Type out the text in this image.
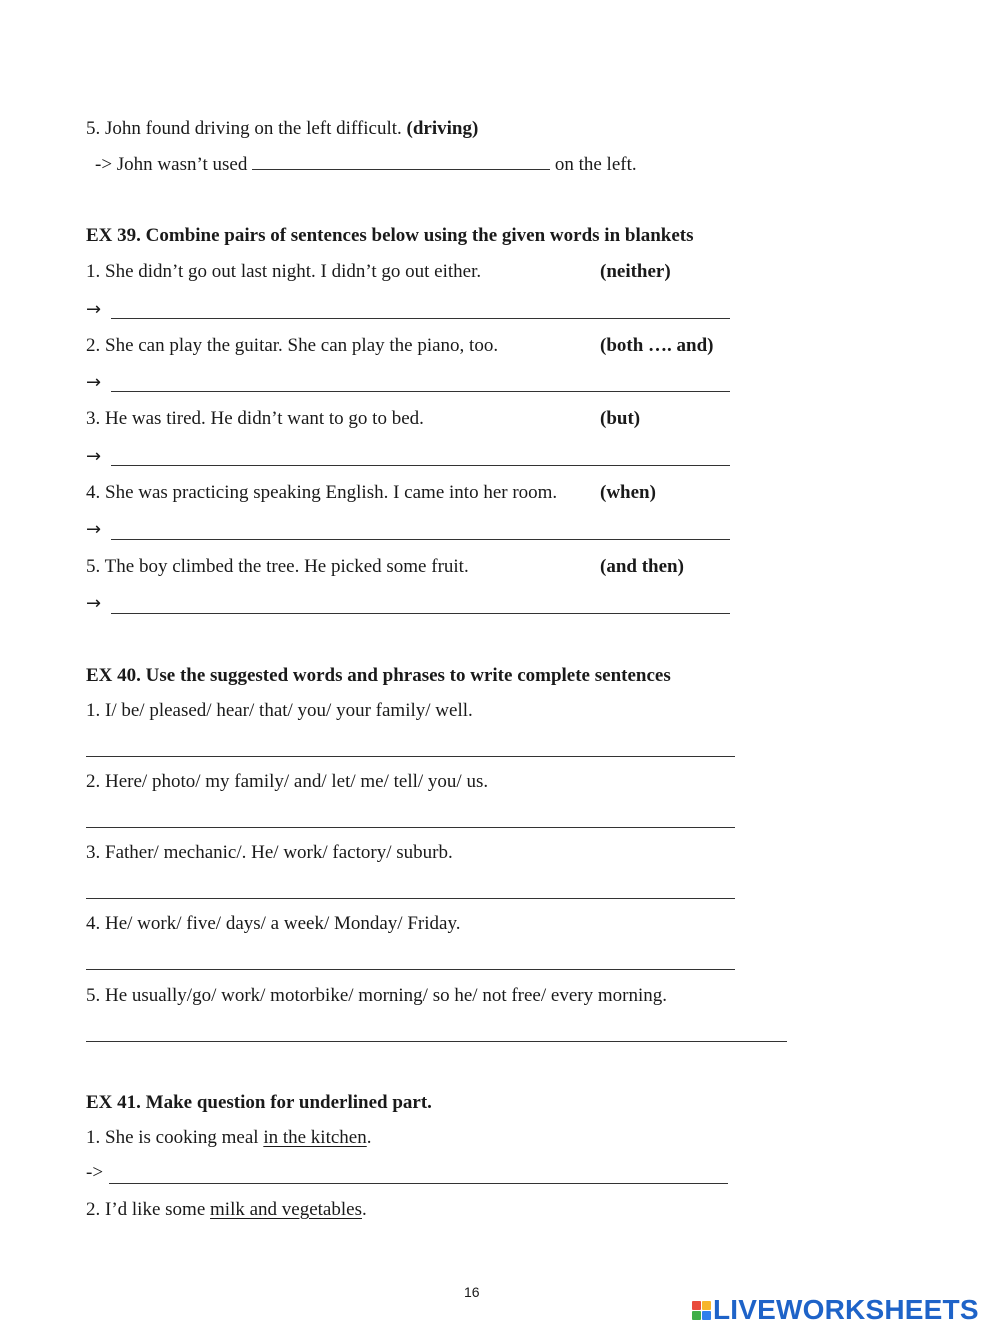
5. John found driving on the left difficult. (driving)
-> John wasn’t used	on the left.
EX 39. Combine pairs of sentences below using the given words in blankets
1. She didn’t go out last night. I didn’t go out either.	(neither)
→
2. She can play the guitar. She can play the piano, too.	(both …. and)
→
3. He was tired. He didn’t want to go to bed.	(but)
→
4. She was practicing speaking English. I came into her room. (when)
→
5. The boy climbed the tree. He picked some fruit.	(and then)
→
EX 40. Use the suggested words and phrases to write complete sentences
1. I/ be/ pleased/ hear/ that/ you/ your family/ well.
2. Here/ photo/ my family/ and/ let/ me/ tell/ you/ us.
3. Father/ mechanic/. He/ work/ factory/ suburb.
4. He/ work/ five/ days/ a week/ Monday/ Friday.
5. He usually/go/ work/ motorbike/ morning/ so he/ not free/ every morning.
EX 41. Make question for underlined part.
1. She is cooking meal in the kitchen.
->
2. I’d like some milk and vegetables.
16
LIVEWORKSHEETS
